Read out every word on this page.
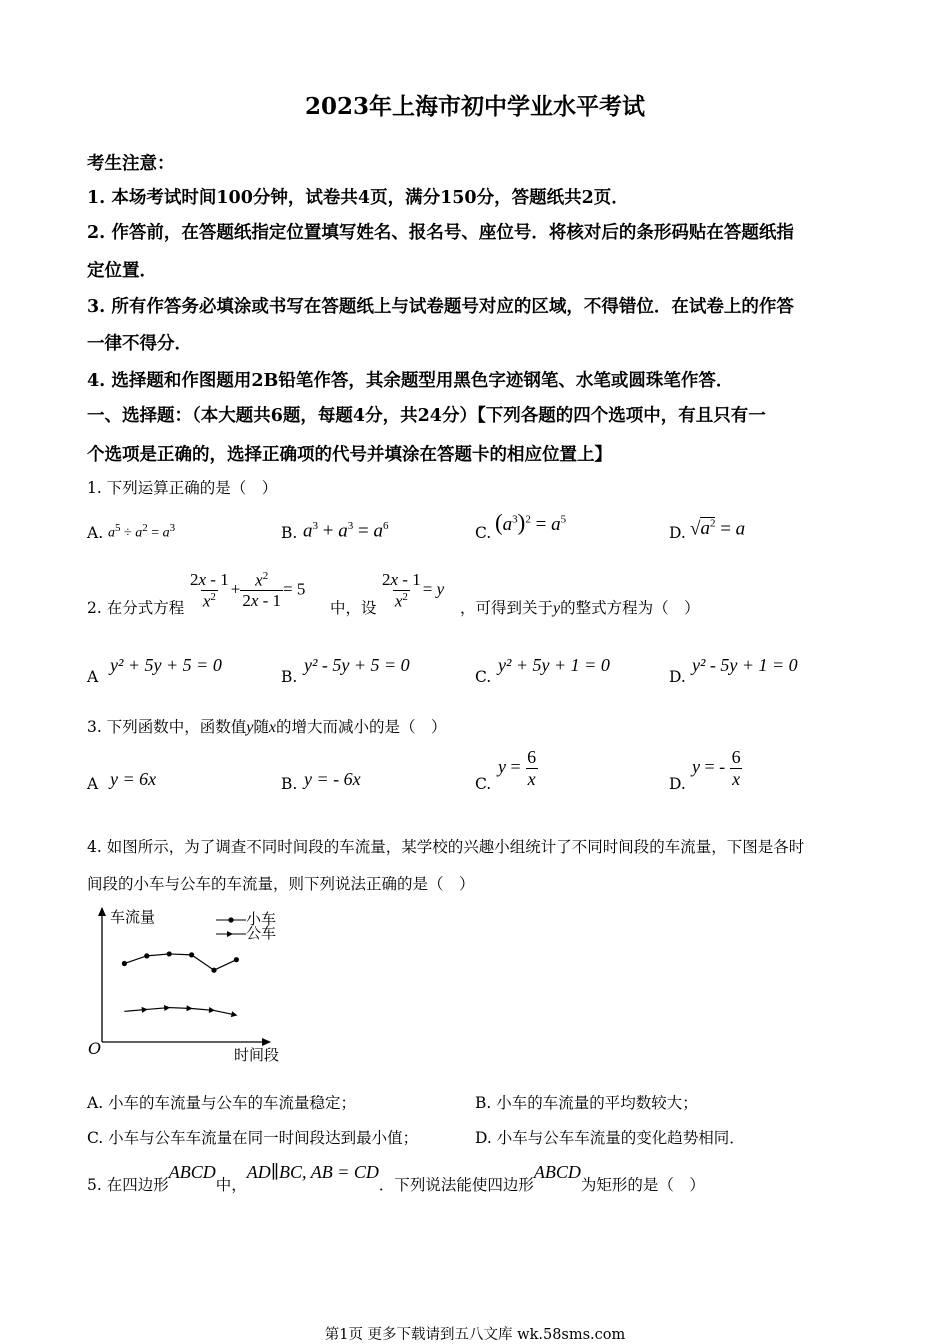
2023年上海市初中学业水平考试
考生注意：
1. 本场考试时间100分钟，试卷共4页，满分150分，答题纸共2页．
2. 作答前，在答题纸指定位置填写姓名、报名号、座位号．将核对后的条形码贴在答题纸指
定位置．
3. 所有作答务必填涂或书写在答题纸上与试卷题号对应的区域，不得错位．在试卷上的作答
一律不得分．
4. 选择题和作图题用2B铅笔作答，其余题型用黑色字迹钢笔、水笔或圆珠笔作答．
一、选择题：（本大题共6题，每题4分，共24分）【下列各题的四个选项中，有且只有一
个选项是正确的，选择正确项的代号并填涂在答题卡的相应位置上】
1. 下列运算正确的是（　）
A. $a^5 \div a^2 = a^3$	B. $a^3 + a^3 = a^6$	C. $(a^3)^2 = a^5$
D. $√a^2 = a$
2. 在分式方程 $\frac{2x - 1}{x^2} + \frac{x^2}{2x - 1} = 5$
中，设 $\frac{2x - 1}{x^2} = y$
，可得到关于y的整式方程为（　）
A
y² + 5y + 5 = 0
B.
y² - 5y + 5 = 0
C.
y² + 5y + 1 = 0
D.
y² - 5y + 1 = 0
3. 下列函数中，函数值y随x的增大而减小的是（　）
A y = 6x	B. y = - 6x	C.
$y = \frac{6}{x}$	D.
y = - $\frac{6}{x}$
4. 如图所示，为了调查不同时间段的车流量，某学校的兴趣小组统计了不同时间段的车流量，下图是各时
间段的小车与公车的车流量，则下列说法正确的是（　）
车流量
时间段
O
小车
公车
A. 小车的车流量与公车的车流量稳定；	B. 小车的车流量的平均数较大；
C. 小车与公车车流量在同一时间段达到最小值；	D. 小车与公车车流量的变化趋势相同．
5. 在四边形ABCD中，AD∥BC, AB = CD．下列说法能使四边形ABCD为矩形的是（　）
第1页 更多下载请到五八文库 wk.58sms.com
